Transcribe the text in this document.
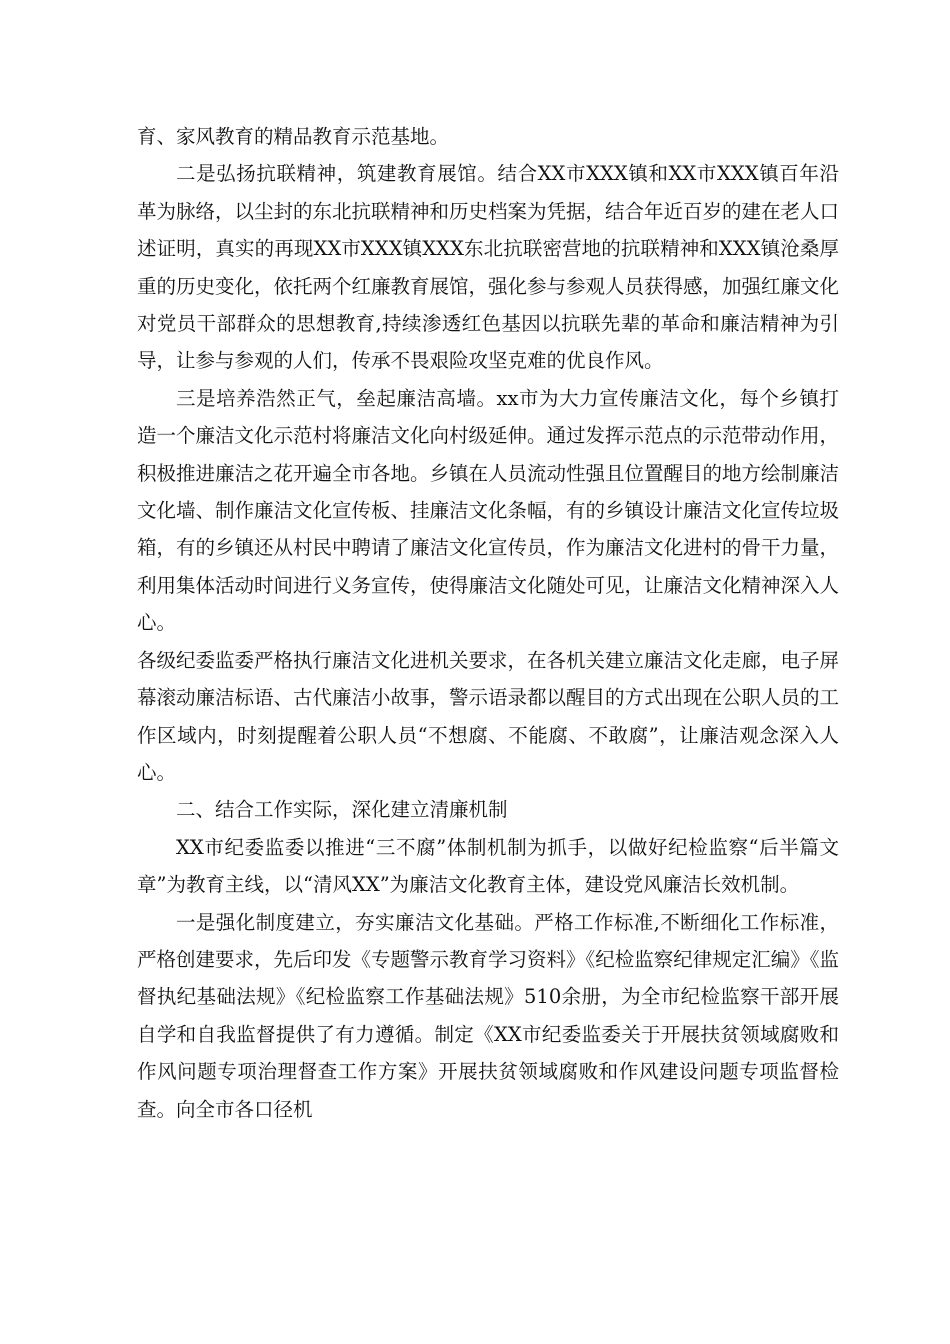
育、家风教育的精品教育示范基地。

二是弘扬抗联精神，筑建教育展馆。结合XX市XXX镇和XX市XXX镇百年沿革为脉络，以尘封的东北抗联精神和历史档案为凭据，结合年近百岁的建在老人口述证明，真实的再现XX市XXX镇XXX东北抗联密营地的抗联精神和XXX镇沧桑厚重的历史变化，依托两个红廉教育展馆，强化参与参观人员获得感，加强红廉文化对党员干部群众的思想教育,持续渗透红色基因以抗联先辈的革命和廉洁精神为引导，让参与参观的人们，传承不畏艰险攻坚克难的优良作风。

三是培养浩然正气，垒起廉洁高墙。xx市为大力宣传廉洁文化，每个乡镇打造一个廉洁文化示范村将廉洁文化向村级延伸。通过发挥示范点的示范带动作用，积极推进廉洁之花开遍全市各地。乡镇在人员流动性强且位置醒目的地方绘制廉洁文化墙、制作廉洁文化宣传板、挂廉洁文化条幅，有的乡镇设计廉洁文化宣传垃圾箱，有的乡镇还从村民中聘请了廉洁文化宣传员，作为廉洁文化进村的骨干力量，利用集体活动时间进行义务宣传，使得廉洁文化随处可见，让廉洁文化精神深入人心。

各级纪委监委严格执行廉洁文化进机关要求，在各机关建立廉洁文化走廊，电子屏幕滚动廉洁标语、古代廉洁小故事，警示语录都以醒目的方式出现在公职人员的工作区域内，时刻提醒着公职人员“不想腐、不能腐、不敢腐”，让廉洁观念深入人心。

二、结合工作实际，深化建立清廉机制

XX市纪委监委以推进“三不腐”体制机制为抓手，以做好纪检监察“后半篇文章”为教育主线，以“清风XX”为廉洁文化教育主体，建设党风廉洁长效机制。

一是强化制度建立，夯实廉洁文化基础。严格工作标准,不断细化工作标准，严格创建要求，先后印发《专题警示教育学习资料》《纪检监察纪律规定汇编》《监督执纪基础法规》《纪检监察工作基础法规》510余册，为全市纪检监察干部开展自学和自我监督提供了有力遵循。制定《XX市纪委监委关于开展扶贫领域腐败和作风问题专项治理督查工作方案》开展扶贫领域腐败和作风建设问题专项监督检查。向全市各口径机
